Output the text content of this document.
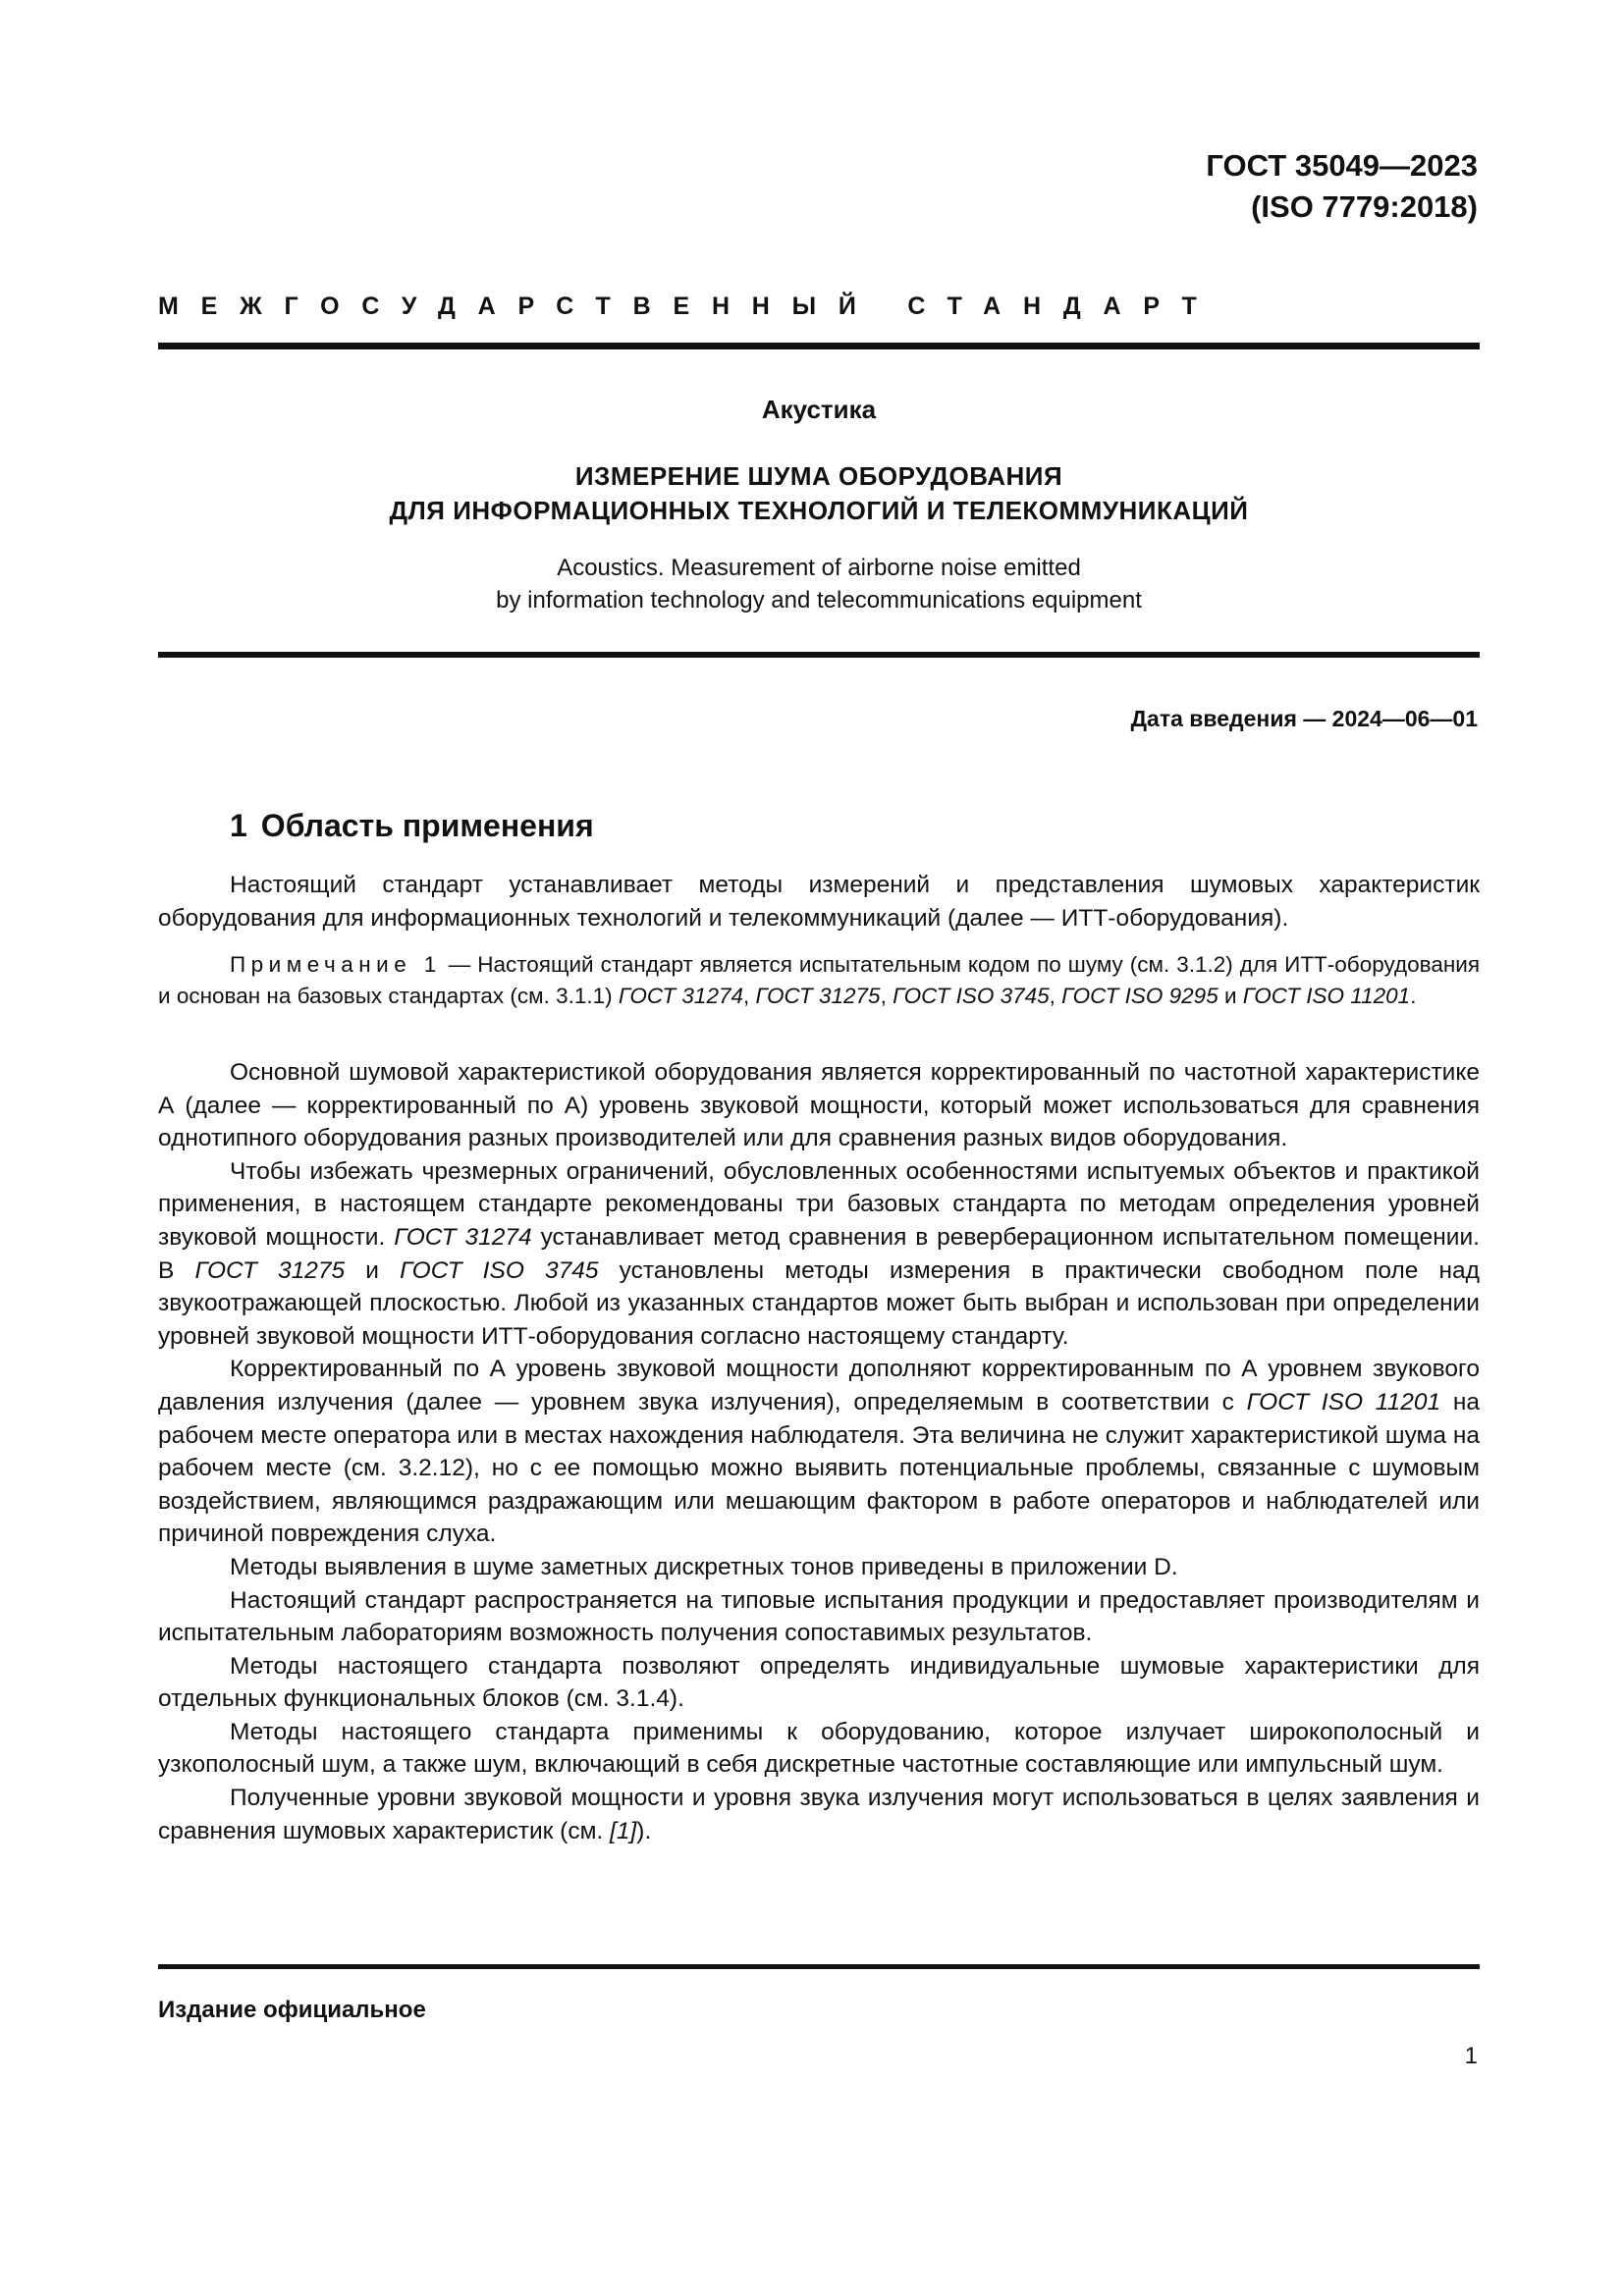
ГОСТ 35049—2023
(ISO 7779:2018)
МЕЖГОСУДАРСТВЕННЫЙ СТАНДАРТ
Акустика
ИЗМЕРЕНИЕ ШУМА ОБОРУДОВАНИЯ
ДЛЯ ИНФОРМАЦИОННЫХ ТЕХНОЛОГИЙ И ТЕЛЕКОММУНИКАЦИЙ
Acoustics. Measurement of airborne noise emitted
by information technology and telecommunications equipment
Дата введения — 2024—06—01
1 Область применения

Настоящий стандарт устанавливает методы измерений и представления шумовых характеристик оборудования для информационных технологий и телекоммуникаций (далее — ИТТ-оборудования).

Примечание 1 — Настоящий стандарт является испытательным кодом по шуму (см. 3.1.2) для ИТТ-оборудования и основан на базовых стандартах (см. 3.1.1) ГОСТ 31274, ГОСТ 31275, ГОСТ ISO 3745, ГОСТ ISO 9295 и ГОСТ ISO 11201.

Основной шумовой характеристикой оборудования является корректированный по частотной характеристике А (далее — корректированный по А) уровень звуковой мощности, который может использоваться для сравнения однотипного оборудования разных производителей или для сравнения разных видов оборудования.

Чтобы избежать чрезмерных ограничений, обусловленных особенностями испытуемых объектов и практикой применения, в настоящем стандарте рекомендованы три базовых стандарта по методам определения уровней звуковой мощности. ГОСТ 31274 устанавливает метод сравнения в реверберационном испытательном помещении. В ГОСТ 31275 и ГОСТ ISO 3745 установлены методы измерения в практически свободном поле над звукоотражающей плоскостью. Любой из указанных стандартов может быть выбран и использован при определении уровней звуковой мощности ИТТ-оборудования согласно настоящему стандарту.

Корректированный по А уровень звуковой мощности дополняют корректированным по А уровнем звукового давления излучения (далее — уровнем звука излучения), определяемым в соответствии с ГОСТ ISO 11201 на рабочем месте оператора или в местах нахождения наблюдателя. Эта величина не служит характеристикой шума на рабочем месте (см. 3.2.12), но с ее помощью можно выявить потенциальные проблемы, связанные с шумовым воздействием, являющимся раздражающим или мешающим фактором в работе операторов и наблюдателей или причиной повреждения слуха.

Методы выявления в шуме заметных дискретных тонов приведены в приложении D.

Настоящий стандарт распространяется на типовые испытания продукции и предоставляет производителям и испытательным лабораториям возможность получения сопоставимых результатов.

Методы настоящего стандарта позволяют определять индивидуальные шумовые характеристики для отдельных функциональных блоков (см. 3.1.4).

Методы настоящего стандарта применимы к оборудованию, которое излучает широкополосный и узкополосный шум, а также шум, включающий в себя дискретные частотные составляющие или импульсный шум.

Полученные уровни звуковой мощности и уровня звука излучения могут использоваться в целях заявления и сравнения шумовых характеристик (см. [1]).

Издание официальное
1
